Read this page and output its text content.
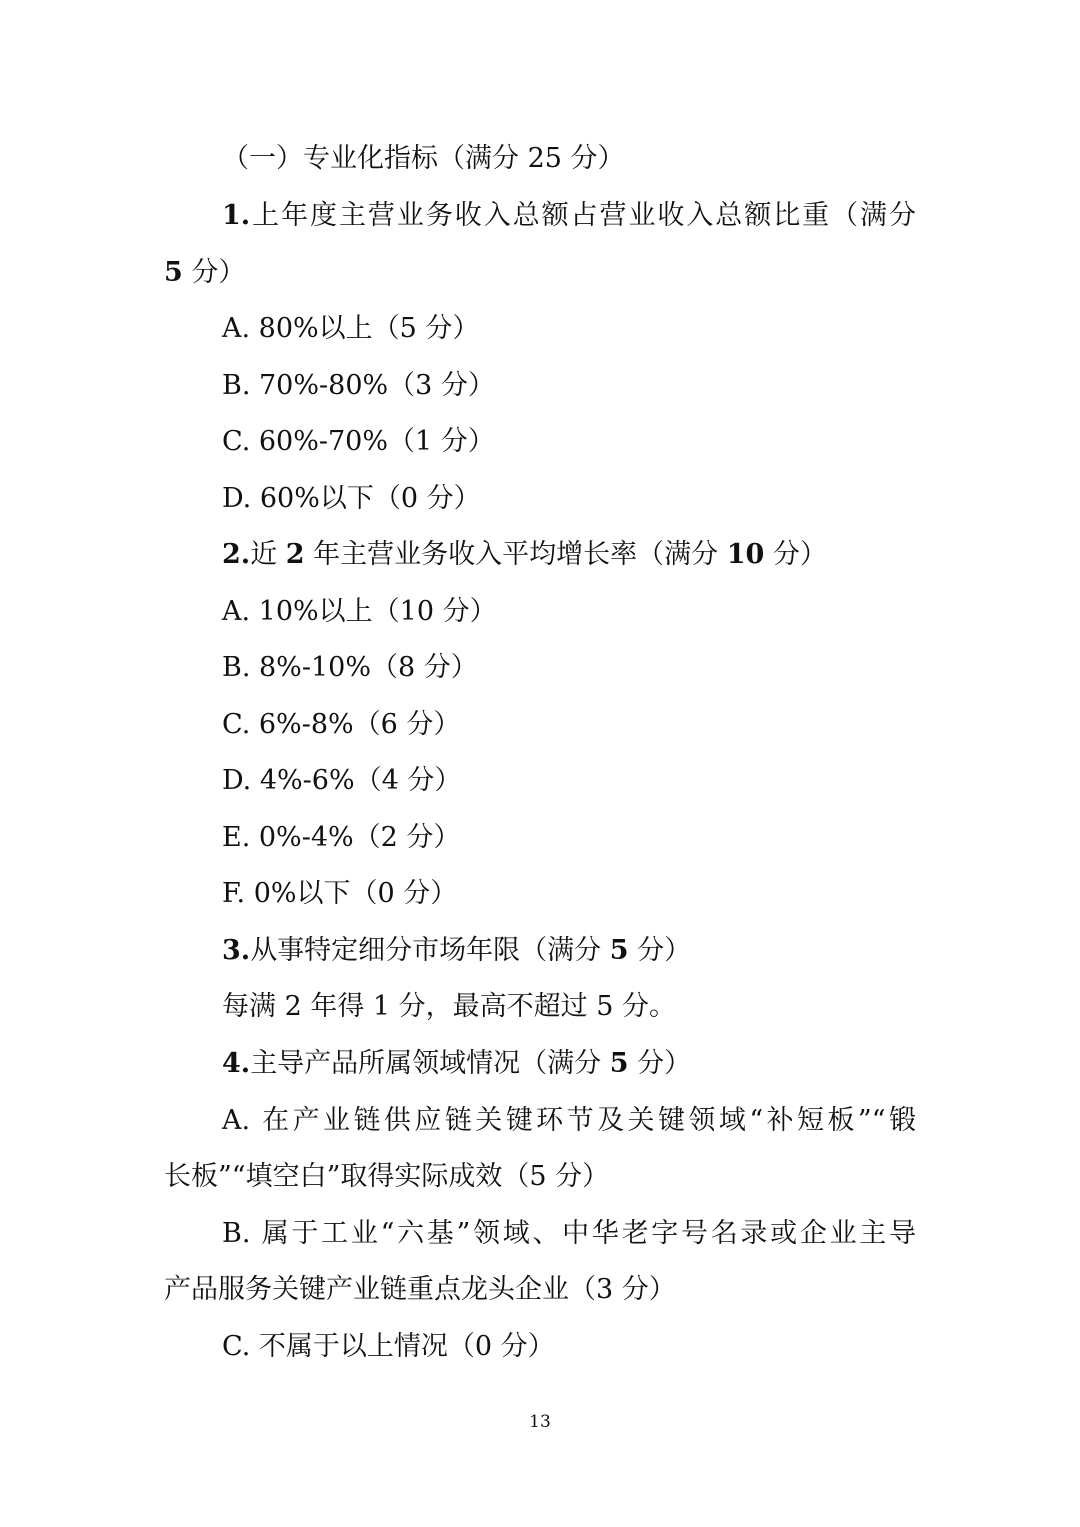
（一）专业化指标（满分 25 分）
1.上年度主营业务收入总额占营业收入总额比重（满分
5 分）
A. 80%以上（5 分）
B. 70%-80%（3 分）
C. 60%-70%（1 分）
D. 60%以下（0 分）
2.近 2 年主营业务收入平均增长率（满分 10 分）
A. 10%以上（10 分）
B. 8%-10%（8 分）
C. 6%-8%（6 分）
D. 4%-6%（4 分）
E. 0%-4%（2 分）
F. 0%以下（0 分）
3.从事特定细分市场年限（满分 5 分）
每满 2 年得 1 分，最高不超过 5 分。
4.主导产品所属领域情况（满分 5 分）
A. 在产业链供应链关键环节及关键领域“补短板”“锻
长板”“填空白”取得实际成效（5 分）
B. 属于工业“六基”领域、中华老字号名录或企业主导
产品服务关键产业链重点龙头企业（3 分）
C. 不属于以上情况（0 分）
13
